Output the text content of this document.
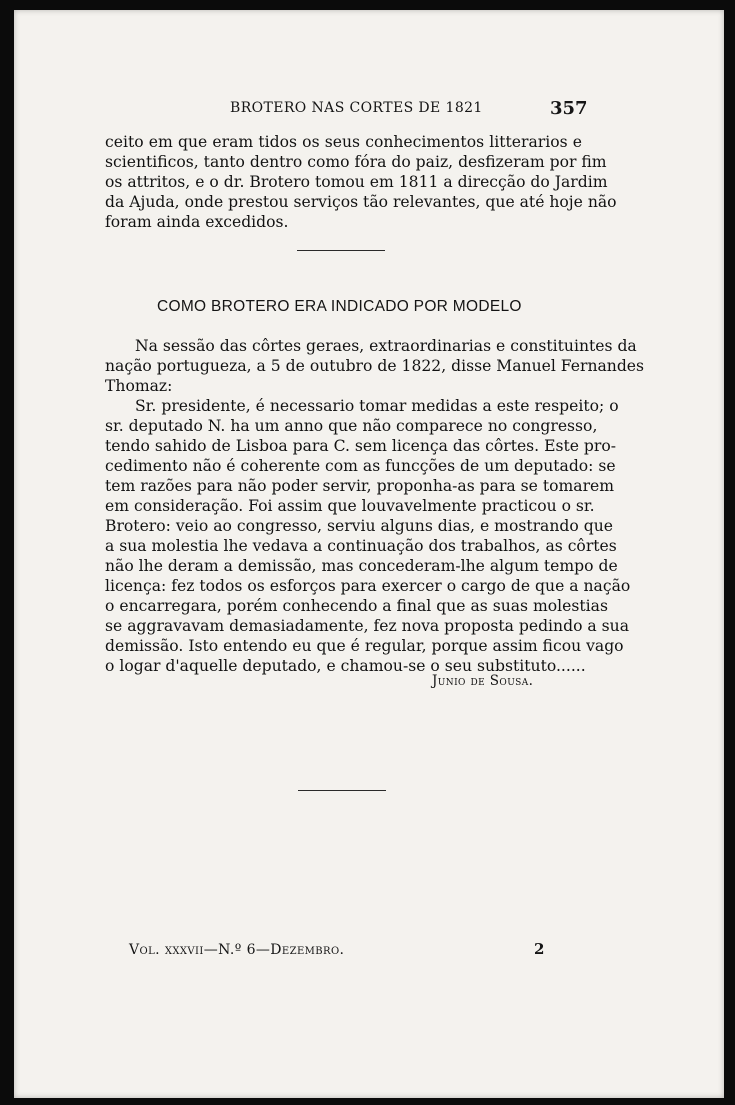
BROTERO NAS CORTES DE 1821	357
ceito em que eram tidos os seus conhecimentos litterarios e
scientificos, tanto dentro como fóra do paiz, desfizeram por fim
os attritos, e o dr. Brotero tomou em 1811 a direcção do Jardim
da Ajuda, onde prestou serviços tão relevantes, que até hoje não
foram ainda excedidos.
COMO BROTERO ERA INDICADO POR MODELO
Na sessão das côrtes geraes, extraordinarias e constituintes da
nação portugueza, a 5 de outubro de 1822, disse Manuel Fernandes
Thomaz:
Sr. presidente, é necessario tomar medidas a este respeito; o
sr. deputado N. ha um anno que não comparece no congresso,
tendo sahido de Lisboa para C. sem licença das côrtes. Este pro-
cedimento não é coherente com as funcções de um deputado: se
tem razões para não poder servir, proponha-as para se tomarem
em consideração. Foi assim que louvavelmente practicou o sr.
Brotero: veio ao congresso, serviu alguns dias, e mostrando que
a sua molestia lhe vedava a continuação dos trabalhos, as côrtes
não lhe deram a demissão, mas concederam-lhe algum tempo de
licença: fez todos os esforços para exercer o cargo de que a nação
o encarregara, porém conhecendo a final que as suas molestias
se aggravavam demasiadamente, fez nova proposta pedindo a sua
demissão. Isto entendo eu que é regular, porque assim ficou vago
o logar d'aquelle deputado, e chamou-se o seu substituto......
Junio de Sousa.
Vol. xxxvii—N.º 6—Dezembro.	2
